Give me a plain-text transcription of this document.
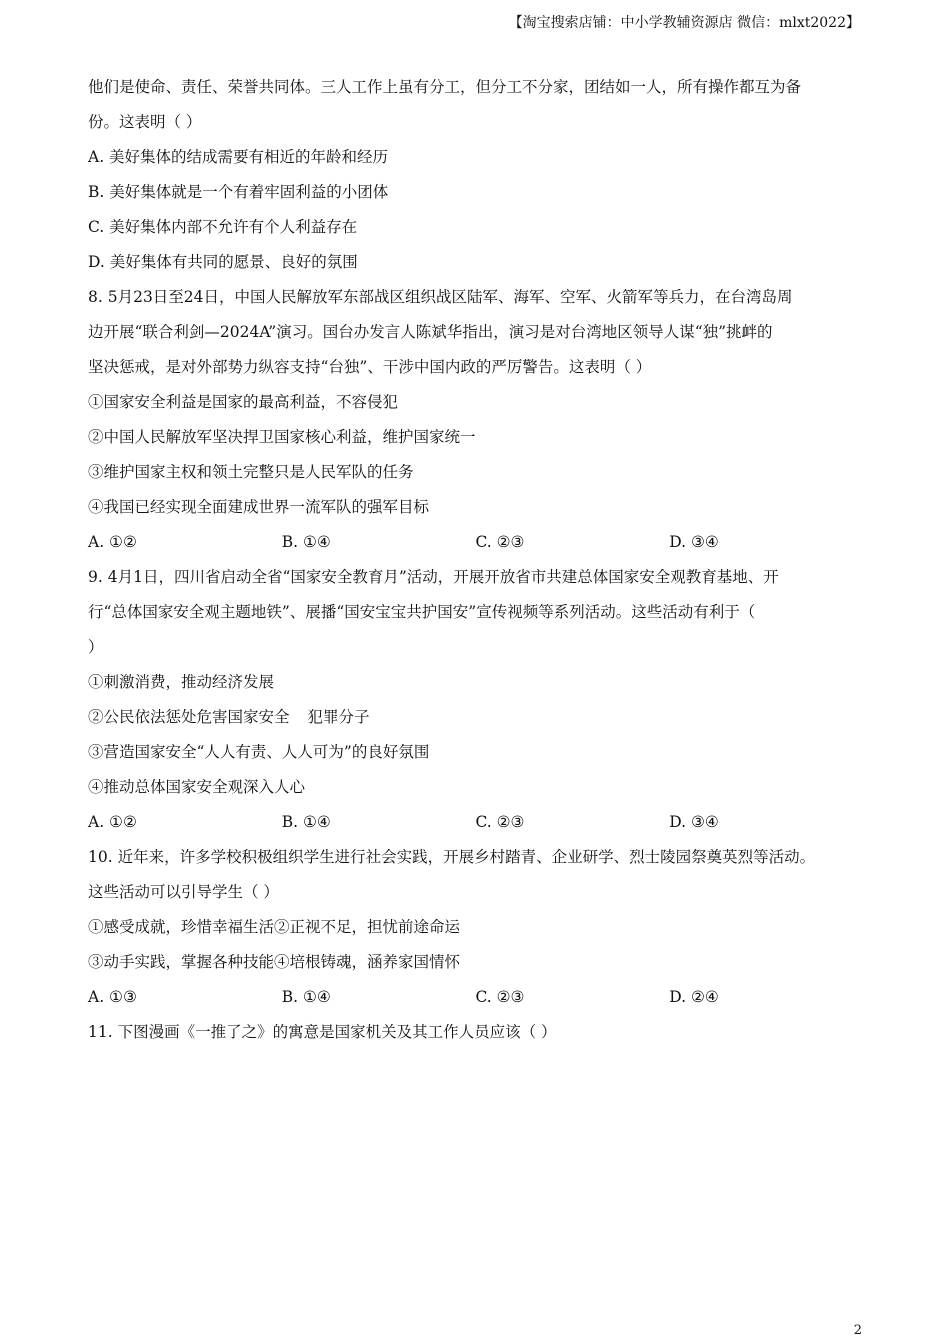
【淘宝搜索店铺：中小学教辅资源店 微信：mlxt2022】
他们是使命、责任、荣誉共同体。三人工作上虽有分工，但分工不分家，团结如一人，所有操作都互为备
份。这表明（ ）
A. 美好集体的结成需要有相近的年龄和经历
B. 美好集体就是一个有着牢固利益的小团体
C. 美好集体内部不允许有个人利益存在
D. 美好集体有共同的愿景、良好的氛围
8. 5月23日至24日，中国人民解放军东部战区组织战区陆军、海军、空军、火箭军等兵力，在台湾岛周
边开展“联合利剑—2024A”演习。国台办发言人陈斌华指出，演习是对台湾地区领导人谋“独”挑衅的
坚决惩戒，是对外部势力纵容支持“台独”、干涉中国内政的严厉警告。这表明（ ）
①国家安全利益是国家的最高利益，不容侵犯
②中国人民解放军坚决捍卫国家核心利益，维护国家统一
③维护国家主权和领土完整只是人民军队的任务
④我国已经实现全面建成世界一流军队的强军目标
A. ①②	B. ①④	C. ②③	D. ③④
9. 4月1日，四川省启动全省“国家安全教育月”活动，开展开放省市共建总体国家安全观教育基地、开
行“总体国家安全观主题地铁”、展播“国安宝宝共护国安”宣传视频等系列活动。这些活动有利于（
）
①刺激消费，推动经济发展
②公民依法惩处危害国家安全 犯罪分子
③营造国家安全“人人有责、人人可为”的良好氛围
④推动总体国家安全观深入人心
A. ①②	B. ①④	C. ②③	D. ③④
10. 近年来，许多学校积极组织学生进行社会实践，开展乡村踏青、企业研学、烈士陵园祭奠英烈等活动。
这些活动可以引导学生（ ）
①感受成就，珍惜幸福生活②正视不足，担忧前途命运
③动手实践，掌握各种技能④培根铸魂，涵养家国情怀
A. ①③	B. ①④	C. ②③	D. ②④
11. 下图漫画《一推了之》的寓意是国家机关及其工作人员应该（ ）
2
